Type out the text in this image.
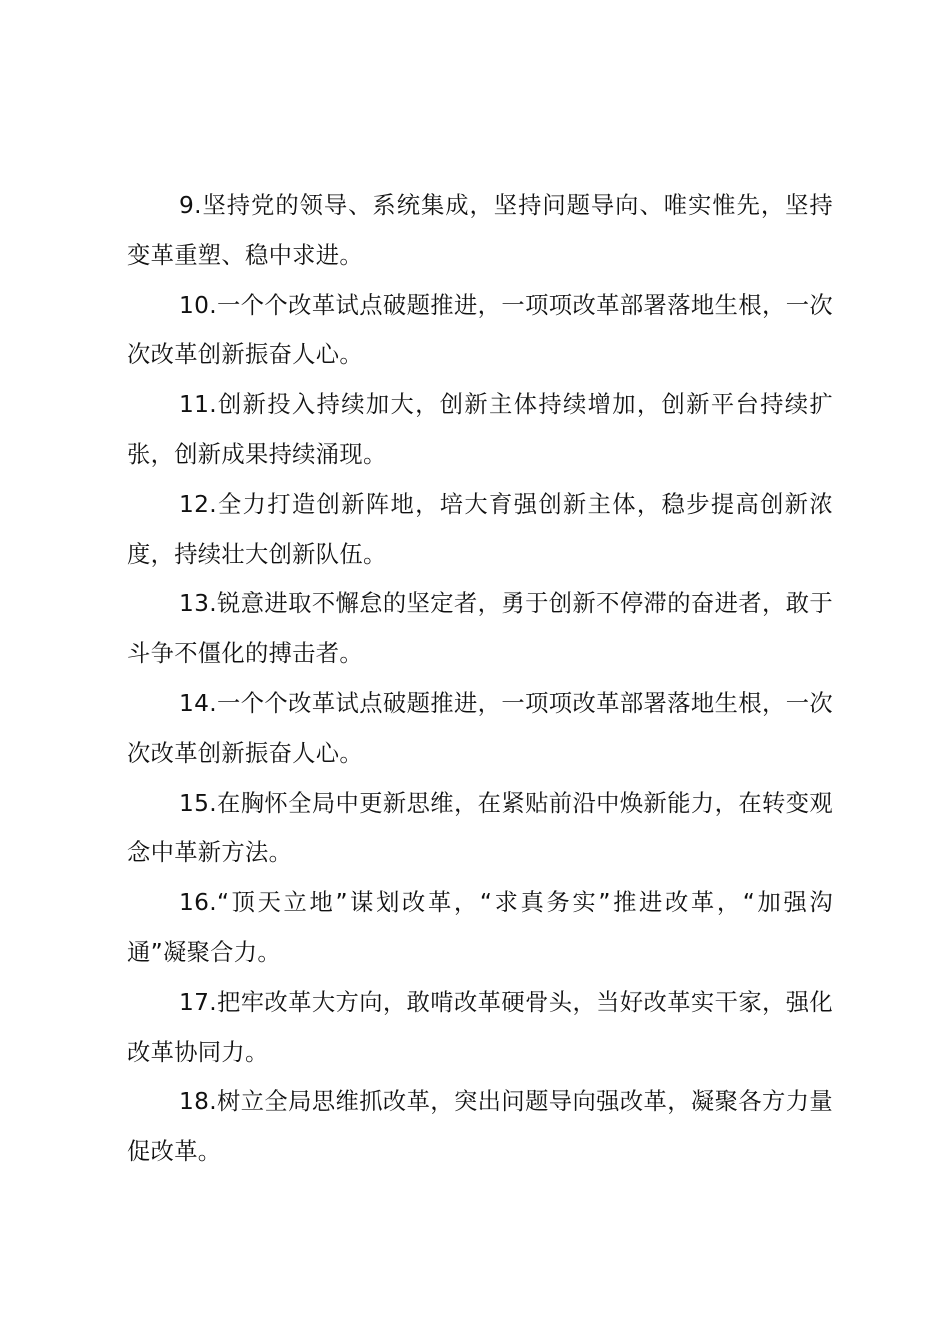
9.坚持党的领导、系统集成，坚持问题导向、唯实惟先，坚持变革重塑、稳中求进。

10.一个个改革试点破题推进，一项项改革部署落地生根，一次次改革创新振奋人心。

11.创新投入持续加大，创新主体持续增加，创新平台持续扩张，创新成果持续涌现。

12.全力打造创新阵地，培大育强创新主体，稳步提高创新浓度，持续壮大创新队伍。

13.锐意进取不懈怠的坚定者，勇于创新不停滞的奋进者，敢于斗争不僵化的搏击者。

14.一个个改革试点破题推进，一项项改革部署落地生根，一次次改革创新振奋人心。

15.在胸怀全局中更新思维，在紧贴前沿中焕新能力，在转变观念中革新方法。

16.“顶天立地”谋划改革，“求真务实”推进改革，“加强沟通”凝聚合力。

17.把牢改革大方向，敢啃改革硬骨头，当好改革实干家，强化改革协同力。

18.树立全局思维抓改革，突出问题导向强改革，凝聚各方力量促改革。
